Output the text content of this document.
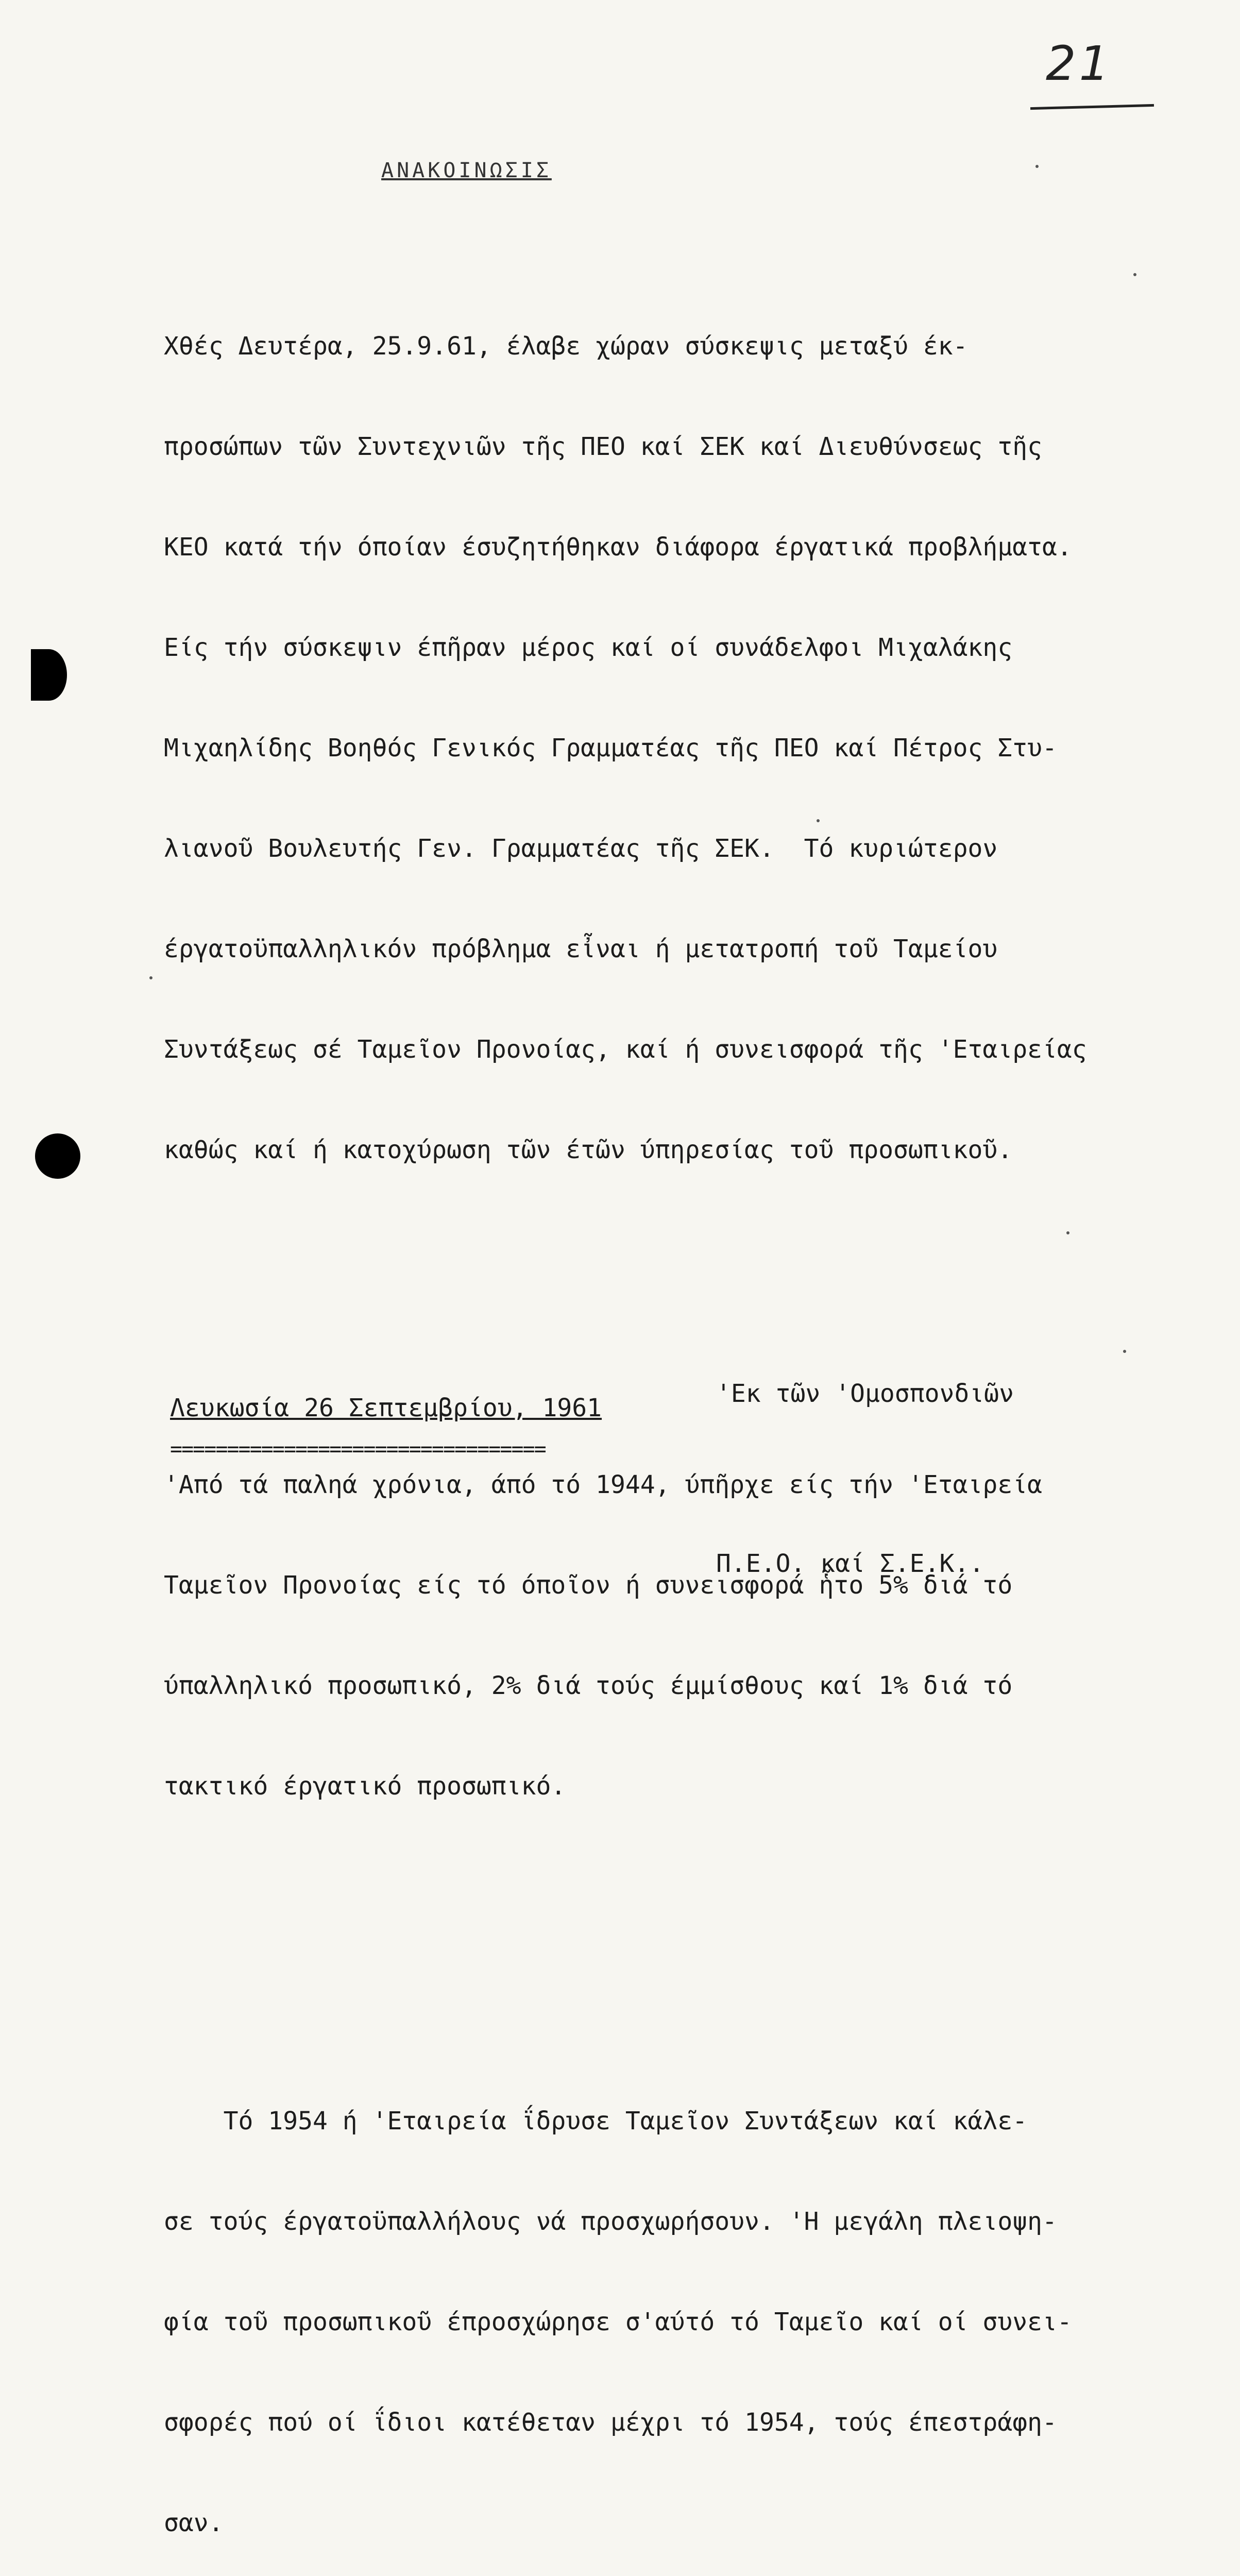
21
ΑΝΑΚΟΙΝΩΣΙΣ

Χθές Δευτέρα, 25.9.61, έλαβε χώραν σύσκεψις μεταξύ έκ-

προσώπων τῶν Συντεχνιῶν τῆς ΠΕΟ καί ΣΕΚ καί Διευθύνσεως τῆς

ΚΕΟ κατά τήν όποίαν έσυζητήθηκαν διάφορα έργατικά προβλήματα.

Είς τήν σύσκεψιν έπῆραν μέρος καί οί συνάδελφοι Μιχαλάκης

Μιχαηλίδης Βοηθός Γενικός Γραμματέας τῆς ΠΕΟ καί Πέτρος Στυ-

λιανοῦ Βουλευτής Γεν. Γραμματέας τῆς ΣΕΚ.  Τό κυριώτερον

έργατοϋπαλληλικόν πρόβλημα εἶναι ή μετατροπή τοῦ Ταμείου

Συντάξεως σέ Ταμεῖον Προνοίας, καί ή συνεισφορά τῆς 'Εταιρείας

καθώς καί ή κατοχύρωση τῶν έτῶν ύπηρεσίας τοῦ προσωπικοῦ.

'Από τά παληά χρόνια, άπό τό 1944, ύπῆρχε είς τήν 'Εταιρεία

Ταμεῖον Προνοίας είς τό όποῖον ή συνεισφορά ἧτο 5% διά τό

ύπαλληλικό προσωπικό, 2% διά τούς έμμίσθους καί 1% διά τό

τακτικό έργατικό προσωπικό.

Τό 1954 ή 'Εταιρεία ΐδρυσε Ταμεῖον Συντάξεων καί κάλε-

σε τούς έργατοϋπαλλήλους νά προσχωρήσουν. 'Η μεγάλη πλειοψη-

φία τοῦ προσωπικοῦ έπροσχώρησε σ'αύτό τό Ταμεῖο καί οί συνει-

σφορές πού οί ΐδιοι κατέθεταν μέχρι τό 1954, τούς έπεστράφη-

σαν.

'Εκ τῶν 'Ομοσπονδιῶν

Π.Ε.Ο. καί Σ.Ε.Κ..

Λευκωσία 26 Σεπτεμβρίου, 1961
=================================
